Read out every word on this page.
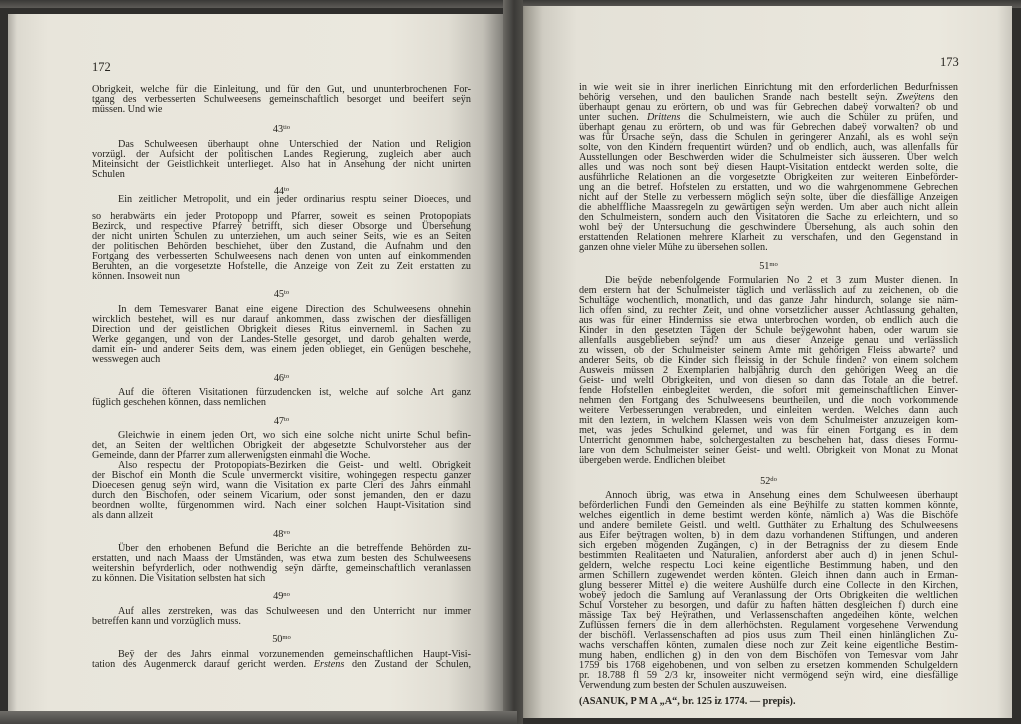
172
Obrigkeit, welche für die Einleitung, und für den Gut, und ununterbrochenen For-
tgang des verbesserten Schulweesens gemeinschaftlich besorget und beeifert seÿn
müssen. Und wie
$43^{tio}$
Das Schulweesen überhaupt ohne Unterschied der Nation und Religion
vorzügl. der Aufsicht der politischen Landes Regierung, zugleich aber auch
Miteinsicht der Geistlichkeit unterlieget. Also hat in Ansehung der nicht unirten
Schulen
$44^{to}$
Ein zeitlicher Metropolit, und ein jeder ordinarius resptu seiner Dioeces, und
so herabwärts ein jeder Protopopp und Pfarrer, soweit es seinen Protopopiats
Bezirck, und respective Pfarreÿ betrifft, sich dieser Obsorge und Übersehung
der nicht unirten Schulen zu unterziehen, um auch seiner Seits, wie es an Seiten
der politischen Behörden beschiehet, über den Zustand, die Aufnahm und den
Fortgang des verbesserten Schulweesens nach denen von unten auf einkommenden
Beruhten, an die vorgesetzte Hofstelle, die Anzeige von Zeit zu Zeit erstatten zu
können. Insoweit nun
$45^{to}$
In dem Temesvarer Banat eine eigene Direction des Schulweesens ohnehin
wircklich bestehet, will es nur darauf ankommen, dass zwischen der diesfälligen
Direction und der geistlichen Obrigkeit dieses Ritus einverneml. in Sachen zu
Werke gegangen, und von der Landes-Stelle gesorget, und darob gehalten werde,
damit ein- und anderer Seits dem, was einem jeden oblieget, ein Genügen beschehe,
wesswegen auch
$46^{to}$
Auf die öfteren Visitationen fürzudencken ist, welche auf solche Art ganz
füglich geschehen können, dass nemlichen
$47^{to}$
Gleichwie in einem jeden Ort, wo sich eine solche nicht unirte Schul befin-
det, an Seiten der weltlichen Obrigkeit der abgesetzte Schulvorsteher aus der
Gemeinde, dann der Pfarrer zum allerwenigsten einmahl die Woche.
Also respectu der Protopopiats-Bezirken die Geist- und weltl. Obrigkeit
der Bischof ein Month die Scule unvermerckt visitire, wohingegen respectu ganzer
Dioecesen genug seÿn wird, wann die Visitation ex parte Cleri des Jahrs einmahl
durch den Bischofen, oder seinem Vicarium, oder sonst jemanden, den er dazu
beordnen wollte, fürgenommen wird. Nach einer solchen Haupt-Visitation sind
als dann allzeit
$48^{vo}$
Über den erhobenen Befund die Berichte an die betreffende Behörden zu-
erstatten, und nach Maass der Umständen, was etwa zum besten des Schulweesens
weitershin befyrderlich, oder nothwendig seÿn därfte, gemeinschaftlich veranlassen
zu können. Die Visitation selbsten hat sich
$49^{no}$
Auf alles zerstreken, was das Schulweesen und den Unterricht nur immer
betreffen kann und vorzüglich muss.
$50^{mo}$
Beÿ der des Jahrs einmal vorzunemenden gemeinschaftlichen Haupt-Visi-
tation des Augenmerck darauf gericht werden. Erstens den Zustand der Schulen,
173
in wie weit sie in ihrer inerlichen Einrichtung mit den erforderlichen Bedurfnissen
behörig versehen, und den baulichen Srande nach bestellt seÿn. Zweÿtens den
überhaupt genau zu erörtern, ob und was für Gebrechen dabeÿ vorwalten? ob und
unter suchen. Drittens die Schulmeistern, wie auch die Schüler zu prüfen, und
überhapt genau zu erörtern, ob und was für Gebrechen dabeÿ vorwalten? ob und
was für Ursache seÿn, dass die Schulen in geringerer Anzahl, als es wohl seÿn
solte, von den Kindern frequentirt würden? und ob endlich, auch, was allenfalls für
Ausstellungen oder Beschwerden wider die Schulmeister sich äusseren. Über welch
alles und was noch sont beÿ diesen Haupt-Visitation entdeckt werden solte, die
ausführliche Relationen an die vorgesetzte Obrigkeiten zur weiteren Einbeförder-
ung an die betref. Hofstelen zu erstatten, und wo die wahrgenommene Gebrechen
nicht auf der Stelle zu verbessern möglich seÿn solte, über die diesfällige Anzeigen
die abhelffliche Maassregeln zu gewärtigen seÿn werden. Um aber auch nicht allein
den Schulmeistern, sondern auch den Visitatoren die Sache zu erleichtern, und so
wohl beÿ der Untersuchung die geschwindere Übersehung, als auch sohin den
erstattenden Relationen mehrere Klarheit zu verschafen, und den Gegenstand in
ganzen ohne vieler Mühe zu übersehen sollen.
$51^{mo}$
Die beÿde nebenfolgende Formularien No 2 et 3 zum Muster dienen. In
dem erstern hat der Schulmeister täglich und verlässlich auf zu zeichenen, ob die
Schultäge wochentlich, monatlich, und das ganze Jahr hindurch, solange sie näm-
lich offen sind, zu rechter Zeit, und ohne vorsetzlicher ausser Achtlassung gehalten,
aus was für einer Hinderniss sie etwa unterbrochen worden, ob endlich auch die
Kinder in den gesetzten Tägen der Schule beÿgewohnt haben, oder warum sie
allenfalls ausgeblieben seÿnd? um aus dieser Anzeige genau und verlässlich
zu wissen, ob der Schulmeister seinem Amte mit gehörigen Fleiss abwarte? und
anderer Seits, ob die Kinder sich fleissig in der Schule finden? von einem solchem
Ausweis müssen 2 Exemplarien halbjährig durch den gehörigen Weeg an die
Geist- und weltl Obrigkeiten, und von diesen so dann das Totale an die betref.
fende Hofstellen einbegleitet werden, die sofort mit gemeinschaftlichen Einver-
nehmen den Fortgang des Schulweesens beurtheilen, und die noch vorkommende
weitere Verbesserungen verabreden, und einleiten werden. Welches dann auch
mit den leztern, in welchem Klassen weis von dem Schulmeister anzuzeigen kom-
met, was jedes Schulkind gelernet, und was für einen Fortgang es in dem
Unterricht genommen habe, solchergestalten zu beschehen hat, dass dieses Formu-
lare von dem Schulmeister seiner Geist- und weltl. Obrigkeit von Monat zu Monat
übergeben werde. Endlichen bleibet
$52^{do}$
Annoch übrig, was etwa in Ansehung eines dem Schulweesen überhaupt
beförderlichen Fundi den Gemeinden als eine Beÿhilfe zu statten kommen könnte,
welches eigentlich in deme bestimt werden könte, nämlich a) Was die Bischöfe
und andere bemilete Geistl. und weltl. Gutthäter zu Erhaltung des Schulweesens
aus Eifer beÿtragen wolten, b) in dem dazu vorhandenen Stiftungen, und anderen
sich ergeben mögenden Zugängen, c) in der Betragniss der zu diesem Ende
bestimmten Realitaeten und Naturalien, anforderst aber auch d) in jenen Schul-
geldern, welche respectu Loci keine eigentliche Bestimmung haben, und den
armen Schillern zugewendet werden könten. Gleich ihnen dann auch in Erman-
glung besserer Mittel e) die weitere Aushülfe durch eine Collecte in den Kirchen,
wobeÿ jedoch die Samlung auf Veranlassung der Orts Obrigkeiten die weltlichen
Schul Vorsteher zu besorgen, und dafür zu haften hätten desgleichen f) durch eine
mässige Tax beÿ Heÿrathen, und Verlassenschaften angedeihen könte, welchen
Zuflüssen ferners die in dem allerhöchsten. Regulament vorgesehene Verwendung
der bischöfl. Verlassenschaften ad pios usus zum Theil einen hinlänglichen Zu-
wachs verschaffen könten, zumalen diese noch zur Zeit keine eigentliche Bestim-
mung haben, endlichen g) in den von dem Bischöfen von Temesvar vom Jahr
1759 bis 1768 eigehobenen, und von selben zu ersetzen kommenden Schulgeldern
pr. 18.788 fl 59 2/3 kr, insoweiter nicht vermögend seÿn wird, eine diesfällige
Verwendung zum besten der Schulen auszuweisen.
(ASANUK, P M A „A“, br. 125 iz 1774. — prepis).
